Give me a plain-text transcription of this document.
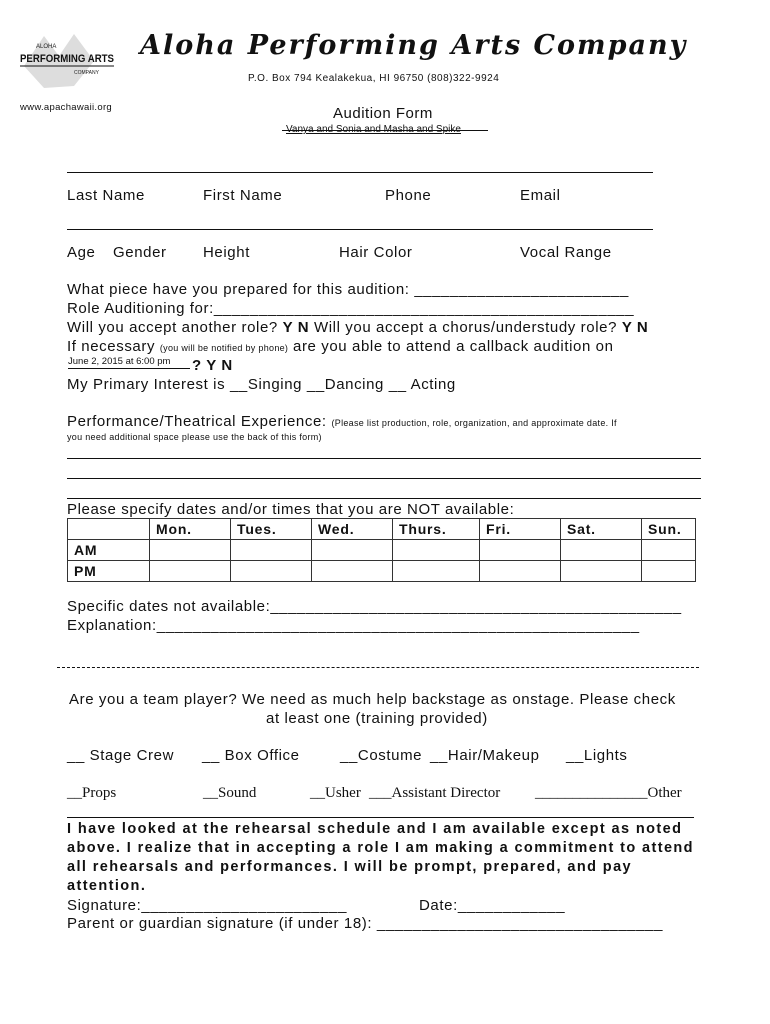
ALOHA
PERFORMING ARTS
COMPANY
Aloha Performing Arts Company
P.O. Box 794 Kealakekua, HI 96750 (808)322-9924
www.apachawaii.org	Audition Form
Vanya and Sonia and Masha and Spike
Last Name	First Name	Phone	Email
Age Gender Height	Hair Color	Vocal Range
What piece have you prepared for this audition: ________________________
Role Auditioning for:_______________________________________________
Will you accept another role? Y N Will you accept a chorus/understudy role? Y N
If necessary (you will be notified by phone) are you able to attend a callback audition on
June 2, 2015 at 6:00 pm	? Y N
My Primary Interest is __Singing __Dancing __ Acting
Performance/Theatrical Experience: (Please list production, role, organization, and approximate date. If
you need additional space please use the back of this form)
Please specify dates and/or times that you are NOT available:
	Mon.	Tues.	Wed.	Thurs.	Fri.	Sat.	Sun.
AM							
PM							
Specific dates not available:______________________________________________
Explanation:______________________________________________________
Are you a team player? We need as much help backstage as onstage. Please check
at least one (training provided)
__ Stage Crew __ Box Office	__Costume __Hair/Makeup __Lights
__Props	__Sound	__Usher ___Assistant Director _______________Other
I have looked at the rehearsal schedule and I am available except as noted above. I realize that in accepting a role I am making a commitment to attend all rehearsals and performances. I will be prompt, prepared, and pay attention.
Signature:_______________________	Date:____________
Parent or guardian signature (if under 18): ________________________________
